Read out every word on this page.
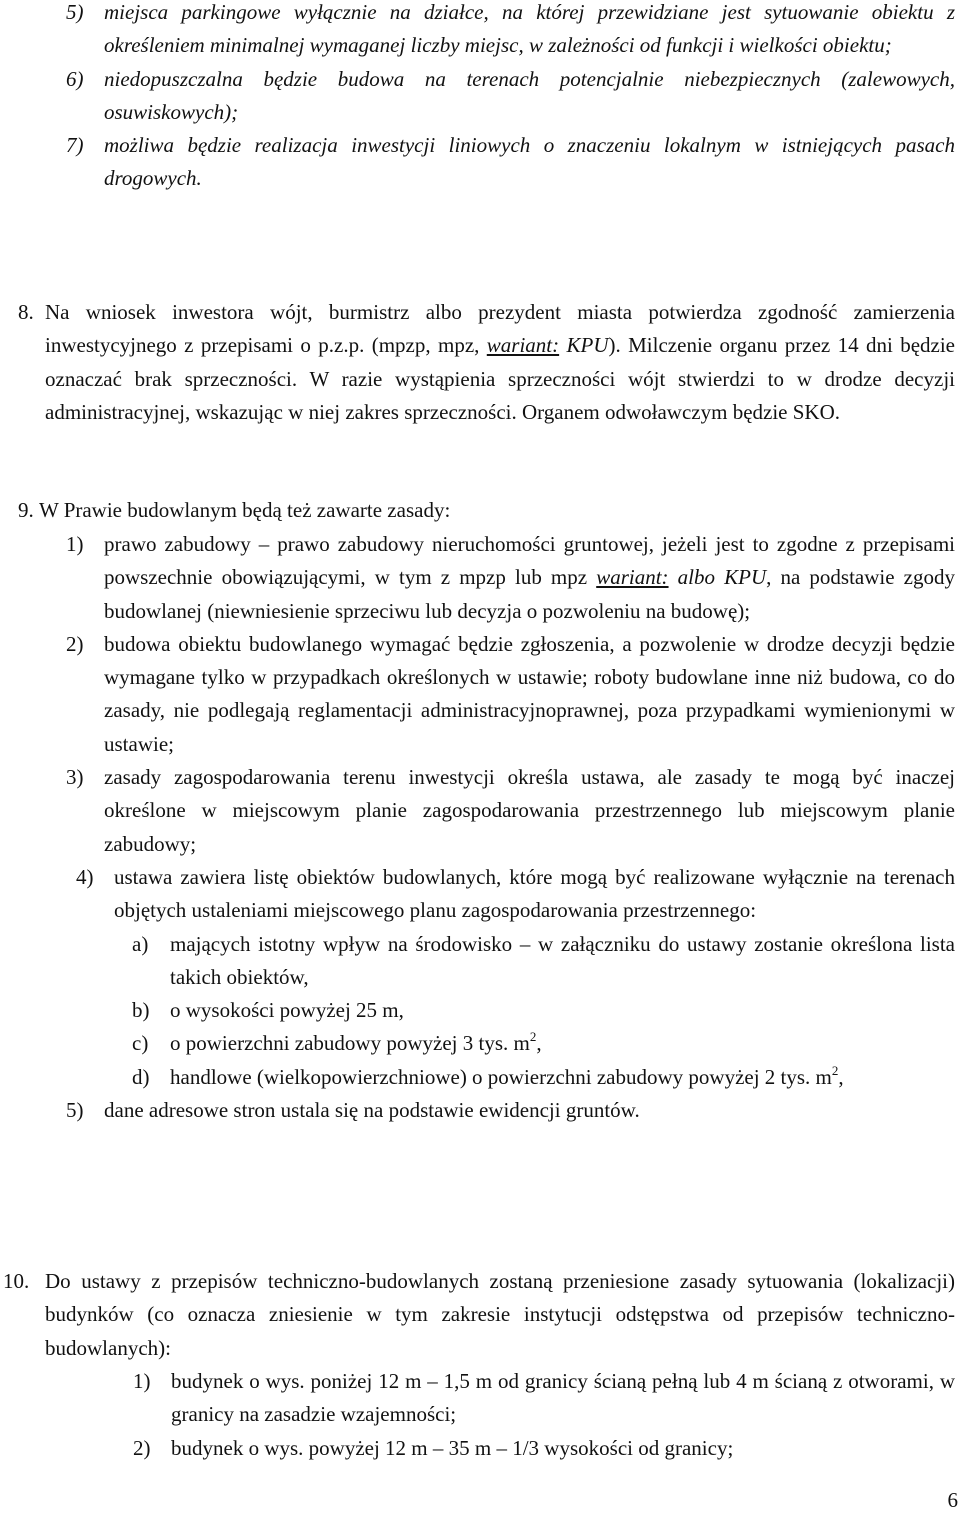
5) miejsca parkingowe wyłącznie na działce, na której przewidziane jest sytuowanie obiektu z określeniem minimalnej wymaganej liczby miejsc, w zależności od funkcji i wielkości obiektu;
6) niedopuszczalna będzie budowa na terenach potencjalnie niebezpiecznych (zalewowych, osuwiskowych);
7) możliwa będzie realizacja inwestycji liniowych o znaczeniu lokalnym w istniejących pasach drogowych.
8. Na wniosek inwestora wójt, burmistrz albo prezydent miasta potwierdza zgodność zamierzenia inwestycyjnego z przepisami o p.z.p. (mpzp, mpz, wariant: KPU). Milczenie organu przez 14 dni będzie oznaczać brak sprzeczności. W razie wystąpienia sprzeczności wójt stwierdzi to w drodze decyzji administracyjnej, wskazując w niej zakres sprzeczności. Organem odwoławczym będzie SKO.
9. W Prawie budowlanym będą też zawarte zasady:
1) prawo zabudowy – prawo zabudowy nieruchomości gruntowej, jeżeli jest to zgodne z przepisami powszechnie obowiązującymi, w tym z mpzp lub mpz wariant: albo KPU, na podstawie zgody budowlanej (niewniesienie sprzeciwu lub decyzja o pozwoleniu na budowę);
2) budowa obiektu budowlanego wymagać będzie zgłoszenia, a pozwolenie w drodze decyzji będzie wymagane tylko w przypadkach określonych w ustawie; roboty budowlane inne niż budowa, co do zasady, nie podlegają reglamentacji administracyjnoprawnej, poza przypadkami wymienionymi w ustawie;
3) zasady zagospodarowania terenu inwestycji określa ustawa, ale zasady te mogą być inaczej określone w miejscowym planie zagospodarowania przestrzennego lub miejscowym planie zabudowy;
4) ustawa zawiera listę obiektów budowlanych, które mogą być realizowane wyłącznie na terenach objętych ustaleniami miejscowego planu zagospodarowania przestrzennego:
a)	mających istotny wpływ na środowisko – w załączniku do ustawy zostanie określona lista takich obiektów,
b) o wysokości powyżej 25 m,
c)	o powierzchni zabudowy powyżej 3 tys. $m^2$,
d) handlowe (wielkopowierzchniowe) o powierzchni zabudowy powyżej 2 tys. $m^2$,
5) dane adresowe stron ustala się na podstawie ewidencji gruntów.
10. Do ustawy z przepisów techniczno-budowlanych zostaną przeniesione zasady sytuowania (lokalizacji) budynków (co oznacza zniesienie w tym zakresie instytucji odstępstwa od przepisów techniczno-budowlanych):
1) budynek o wys. poniżej 12 m – 1,5 m od granicy ścianą pełną lub 4 m ścianą z otworami, w granicy na zasadzie wzajemności;
2) budynek o wys. powyżej 12 m – 35 m – 1/3 wysokości od granicy;
6
